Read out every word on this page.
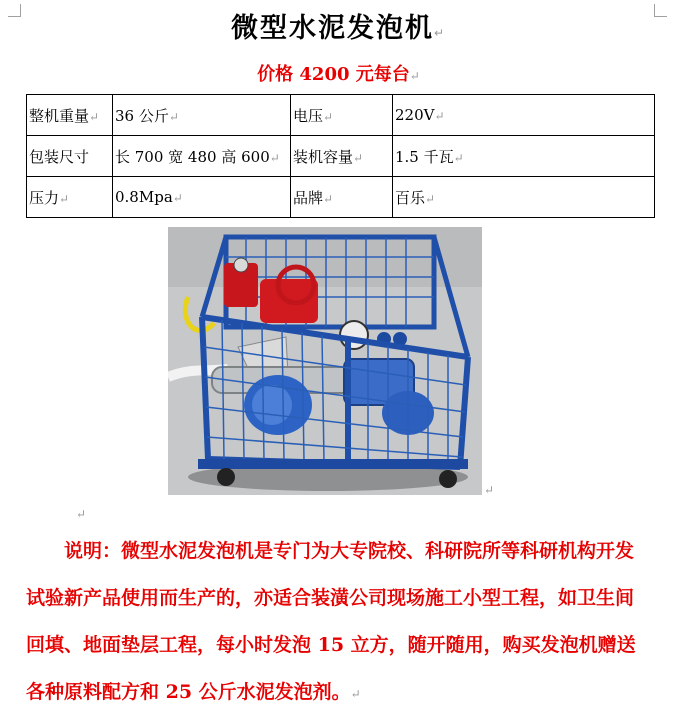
微型水泥发泡机↵
价格 4200 元每台↵
整机重量↵	36 公斤↵	电压↵	220V↵
包装尺寸	长 700 宽 480 高 600↵	装机容量↵	1.5 千瓦↵
压力↵	0.8Mpa↵	品牌↵	百乐↵
↵
↵

说明：微型水泥发泡机是专门为大专院校、科研院所等科研机构开发试验新产品使用而生产的，亦适合装潢公司现场施工小型工程，如卫生间回填、地面垫层工程，每小时发泡 15 立方，随开随用，购买发泡机赠送各种原料配方和 25 公斤水泥发泡剂。↵
